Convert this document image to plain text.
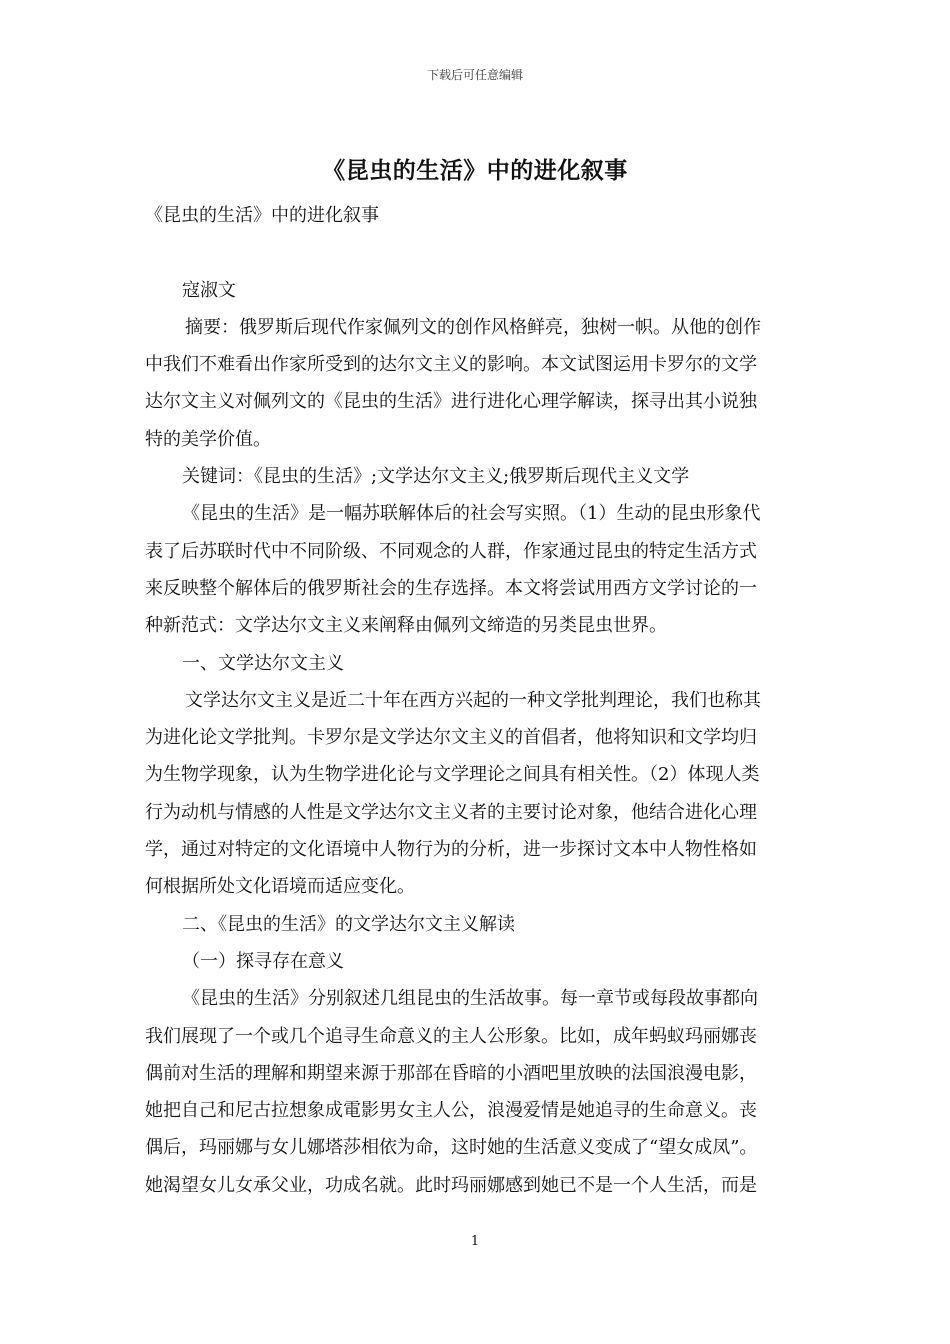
下载后可任意编辑
《昆虫的生活》中的进化叙事
《昆虫的生活》中的进化叙事
寇淑文
摘要：俄罗斯后现代作家佩列文的创作风格鲜亮，独树一帜。从他的创作
中我们不难看出作家所受到的达尔文主义的影响。本文试图运用卡罗尔的文学
达尔文主义对佩列文的《昆虫的生活》进行进化心理学解读，探寻出其小说独
特的美学价值。
关键词：《昆虫的生活》;文学达尔文主义;俄罗斯后现代主义文学
《昆虫的生活》是一幅苏联解体后的社会写实照。（1）生动的昆虫形象代
表了后苏联时代中不同阶级、不同观念的人群，作家通过昆虫的特定生活方式
来反映整个解体后的俄罗斯社会的生存选择。本文将尝试用西方文学讨论的一
种新范式：文学达尔文主义来阐释由佩列文缔造的另类昆虫世界。
一、文学达尔文主义
文学达尔文主义是近二十年在西方兴起的一种文学批判理论，我们也称其
为进化论文学批判。卡罗尔是文学达尔文主义的首倡者，他将知识和文学均归
为生物学现象，认为生物学进化论与文学理论之间具有相关性。（2）体现人类
行为动机与情感的人性是文学达尔文主义者的主要讨论对象，他结合进化心理
学，通过对特定的文化语境中人物行为的分析，进一步探讨文本中人物性格如
何根据所处文化语境而适应变化。
二、《昆虫的生活》的文学达尔文主义解读
（一）探寻存在意义
《昆虫的生活》分别叙述几组昆虫的生活故事。每一章节或每段故事都向
我们展现了一个或几个追寻生命意义的主人公形象。比如，成年蚂蚁玛丽娜丧
偶前对生活的理解和期望来源于那部在昏暗的小酒吧里放映的法国浪漫电影，
她把自己和尼古拉想象成電影男女主人公，浪漫爱情是她追寻的生命意义。丧
偶后，玛丽娜与女儿娜塔莎相依为命，这时她的生活意义变成了“望女成凤”。
她渴望女儿女承父业，功成名就。此时玛丽娜感到她已不是一个人生活，而是
1
